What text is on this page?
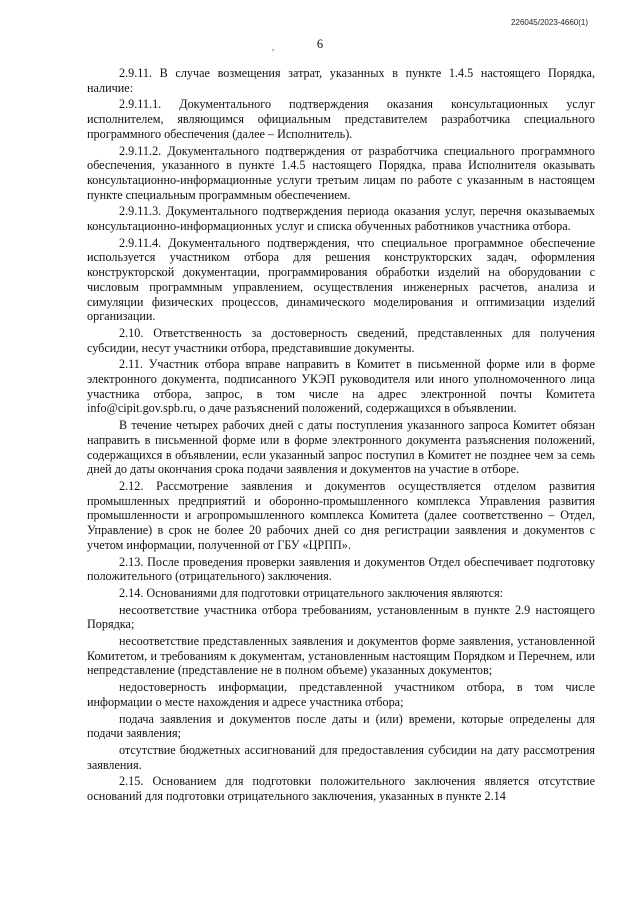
226045/2023-4660(1)
6
,

2.9.11. В случае возмещения затрат, указанных в пункте 1.4.5 настоящего Порядка, наличие:

2.9.11.1. Документального подтверждения оказания консультационных услуг исполнителем, являющимся официальным представителем разработчика специального программного обеспечения (далее – Исполнитель).

2.9.11.2. Документального подтверждения от разработчика специального программного обеспечения, указанного в пункте 1.4.5 настоящего Порядка, права Исполнителя оказывать консультационно-информационные услуги третьим лицам по работе с указанным в настоящем пункте специальным программным обеспечением.

2.9.11.3. Документального подтверждения периода оказания услуг, перечня оказываемых консультационно-информационных услуг и списка обученных работников участника отбора.

2.9.11.4. Документального подтверждения, что специальное программное обеспечение используется участником отбора для решения конструкторских задач, оформления конструкторской документации, программирования обработки изделий на оборудовании с числовым программным управлением, осуществления инженерных расчетов, анализа и симуляции физических процессов, динамического моделирования и оптимизации изделий организации.

2.10. Ответственность за достоверность сведений, представленных для получения субсидии, несут участники отбора, представившие документы.

2.11. Участник отбора вправе направить в Комитет в письменной форме или в форме электронного документа, подписанного УКЭП руководителя или иного уполномоченного лица участника отбора, запрос, в том числе на адрес электронной почты Комитета info@cipit.gov.spb.ru, о даче разъяснений положений, содержащихся в объявлении.

В течение четырех рабочих дней с даты поступления указанного запроса Комитет обязан направить в письменной форме или в форме электронного документа разъяснения положений, содержащихся в объявлении, если указанный запрос поступил в Комитет не позднее чем за семь дней до даты окончания срока подачи заявления и документов на участие в отборе.

2.12. Рассмотрение заявления и документов осуществляется отделом развития промышленных предприятий и оборонно-промышленного комплекса Управления развития промышленности и агропромышленного комплекса Комитета (далее соответственно – Отдел, Управление) в срок не более 20 рабочих дней со дня регистрации заявления и документов с учетом информации, полученной от ГБУ «ЦРПП».

2.13. После проведения проверки заявления и документов Отдел обеспечивает подготовку положительного (отрицательного) заключения.

2.14. Основаниями для подготовки отрицательного заключения являются:

несоответствие участника отбора требованиям, установленным в пункте 2.9 настоящего Порядка;

несоответствие представленных заявления и документов форме заявления, установленной Комитетом, и требованиям к документам, установленным настоящим Порядком и Перечнем, или непредставление (представление не в полном объеме) указанных документов;

недостоверность информации, представленной участником отбора, в том числе информации о месте нахождения и адресе участника отбора;

подача заявления и документов после даты и (или) времени, которые определены для подачи заявления;

отсутствие бюджетных ассигнований для предоставления субсидии на дату рассмотрения заявления.

2.15. Основанием для подготовки положительного заключения является отсутствие оснований для подготовки отрицательного заключения, указанных в пункте 2.14
